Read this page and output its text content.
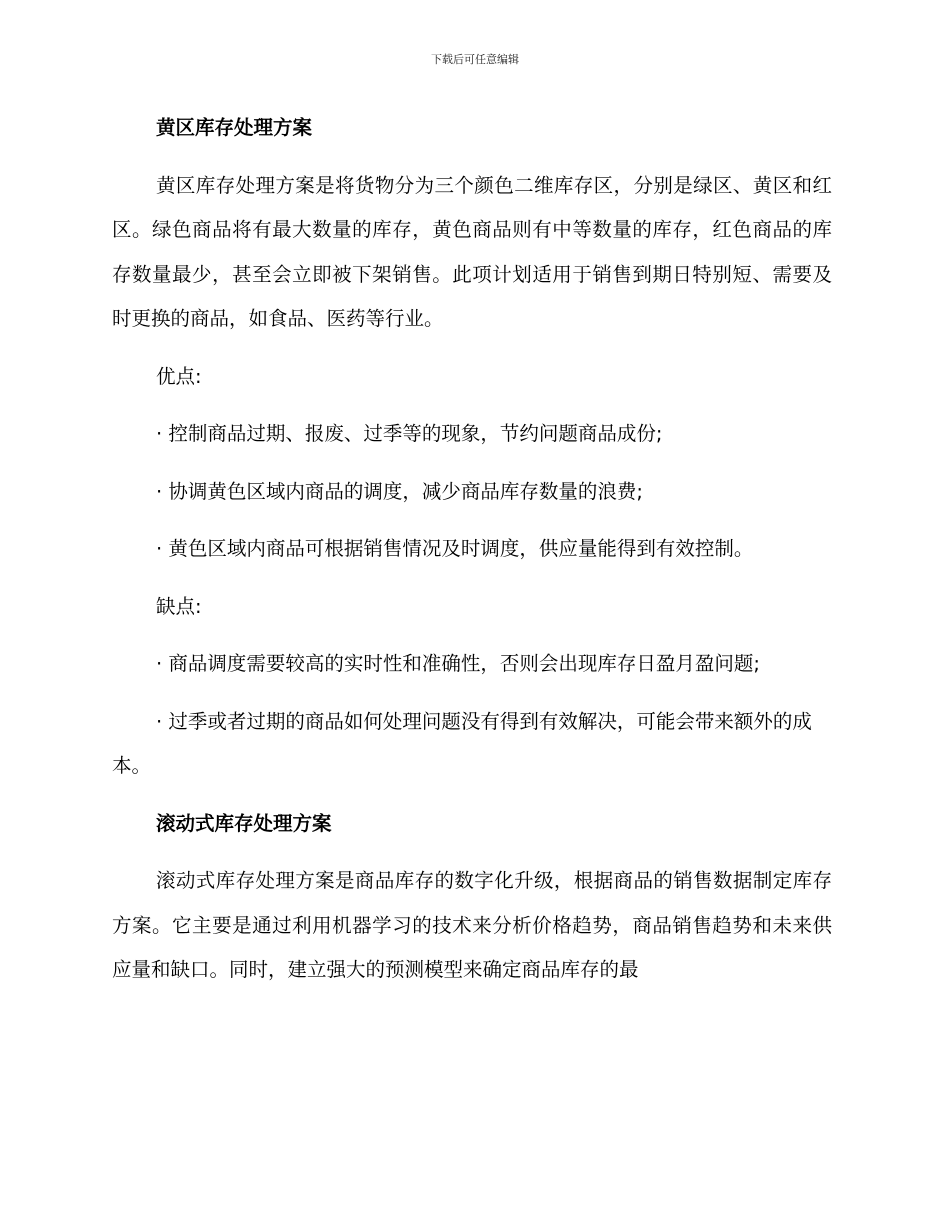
下载后可任意编辑
黄区库存处理方案

黄区库存处理方案是将货物分为三个颜色二维库存区，分别是绿区、黄区和红区。绿色商品将有最大数量的库存，黄色商品则有中等数量的库存，红色商品的库存数量最少，甚至会立即被下架销售。此项计划适用于销售到期日特别短、需要及时更换的商品，如食品、医药等行业。

优点:

· 控制商品过期、报废、过季等的现象，节约问题商品成份;

· 协调黄色区域内商品的调度，减少商品库存数量的浪费;

· 黄色区域内商品可根据销售情况及时调度，供应量能得到有效控制。

缺点:

· 商品调度需要较高的实时性和准确性，否则会出现库存日盈月盈问题;

· 过季或者过期的商品如何处理问题没有得到有效解决，可能会带来额外的成本。

滚动式库存处理方案

滚动式库存处理方案是商品库存的数字化升级，根据商品的销售数据制定库存方案。它主要是通过利用机器学习的技术来分析价格趋势，商品销售趋势和未来供应量和缺口。同时，建立强大的预测模型来确定商品库存的最
